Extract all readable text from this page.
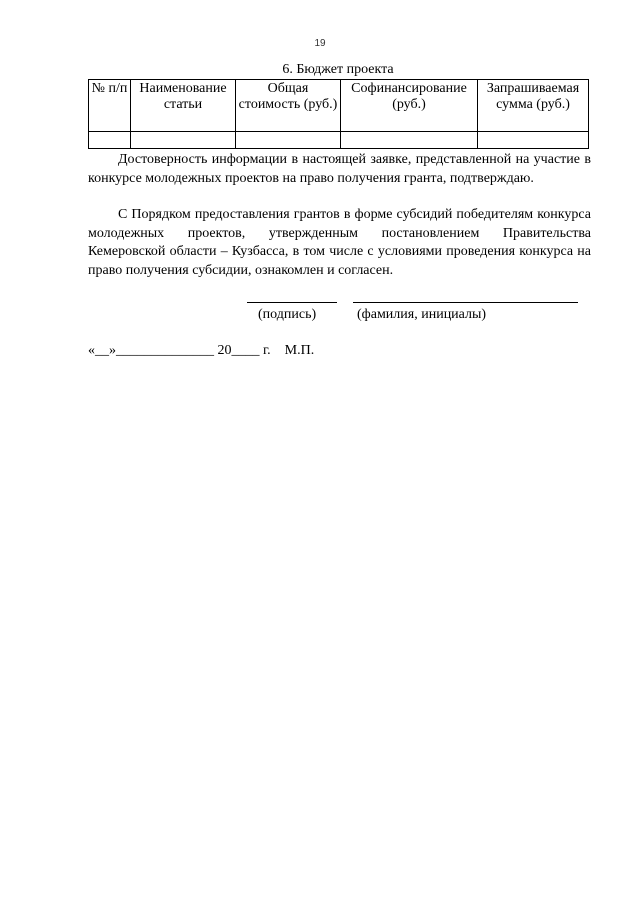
19
6. Бюджет проекта
№ п/п	Наименование статьи	Общая стоимость (руб.)	Софинансирование (руб.)	Запрашиваемая сумма (руб.)

Достоверность информации в настоящей заявке, представленной на участие в конкурсе молодежных проектов на право получения гранта, подтверждаю.

С Порядком предоставления грантов в форме субсидий победителям конкурса молодежных проектов, утвержденным постановлением Правительства Кемеровской области – Кузбасса, в том числе с условиями проведения конкурса на право получения субсидии, ознакомлен и согласен.

(подпись)	(фамилия, инициалы)
«__»______________ 20____ г.    М.П.
